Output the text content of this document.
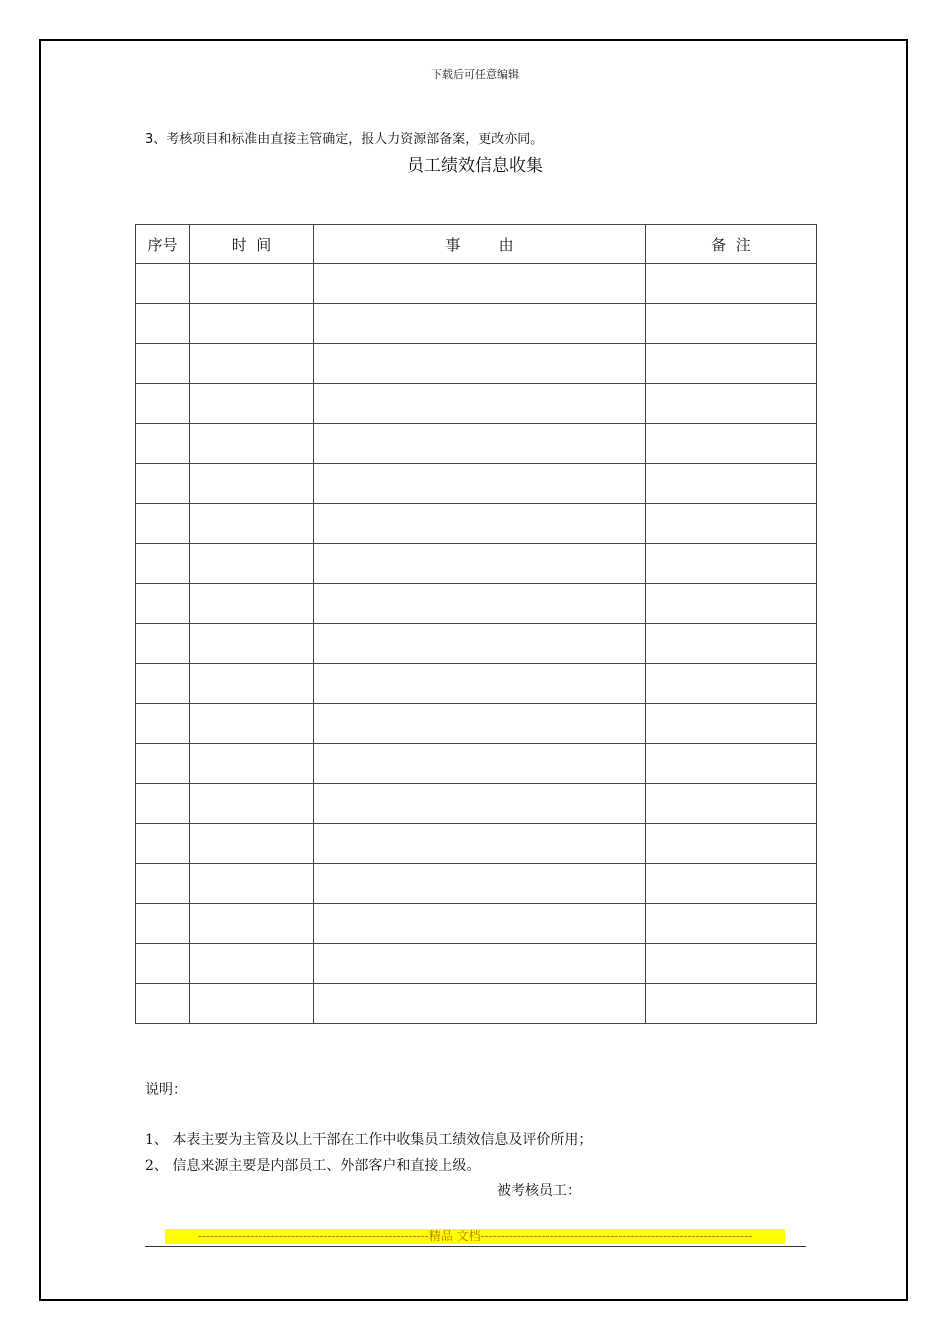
下载后可任意编辑
3、考核项目和标准由直接主管确定，报人力资源部备案，更改亦同。
员工绩效信息收集
序号	时  间	事        由	备  注

说明：
1、 本表主要为主管及以上干部在工作中收集员工绩效信息及评价所用；
2、 信息来源主要是内部员工、外部客户和直接上级。
被考核员工：
---------------------------------------------------------精品 文档-------------------------------------------------------------------
